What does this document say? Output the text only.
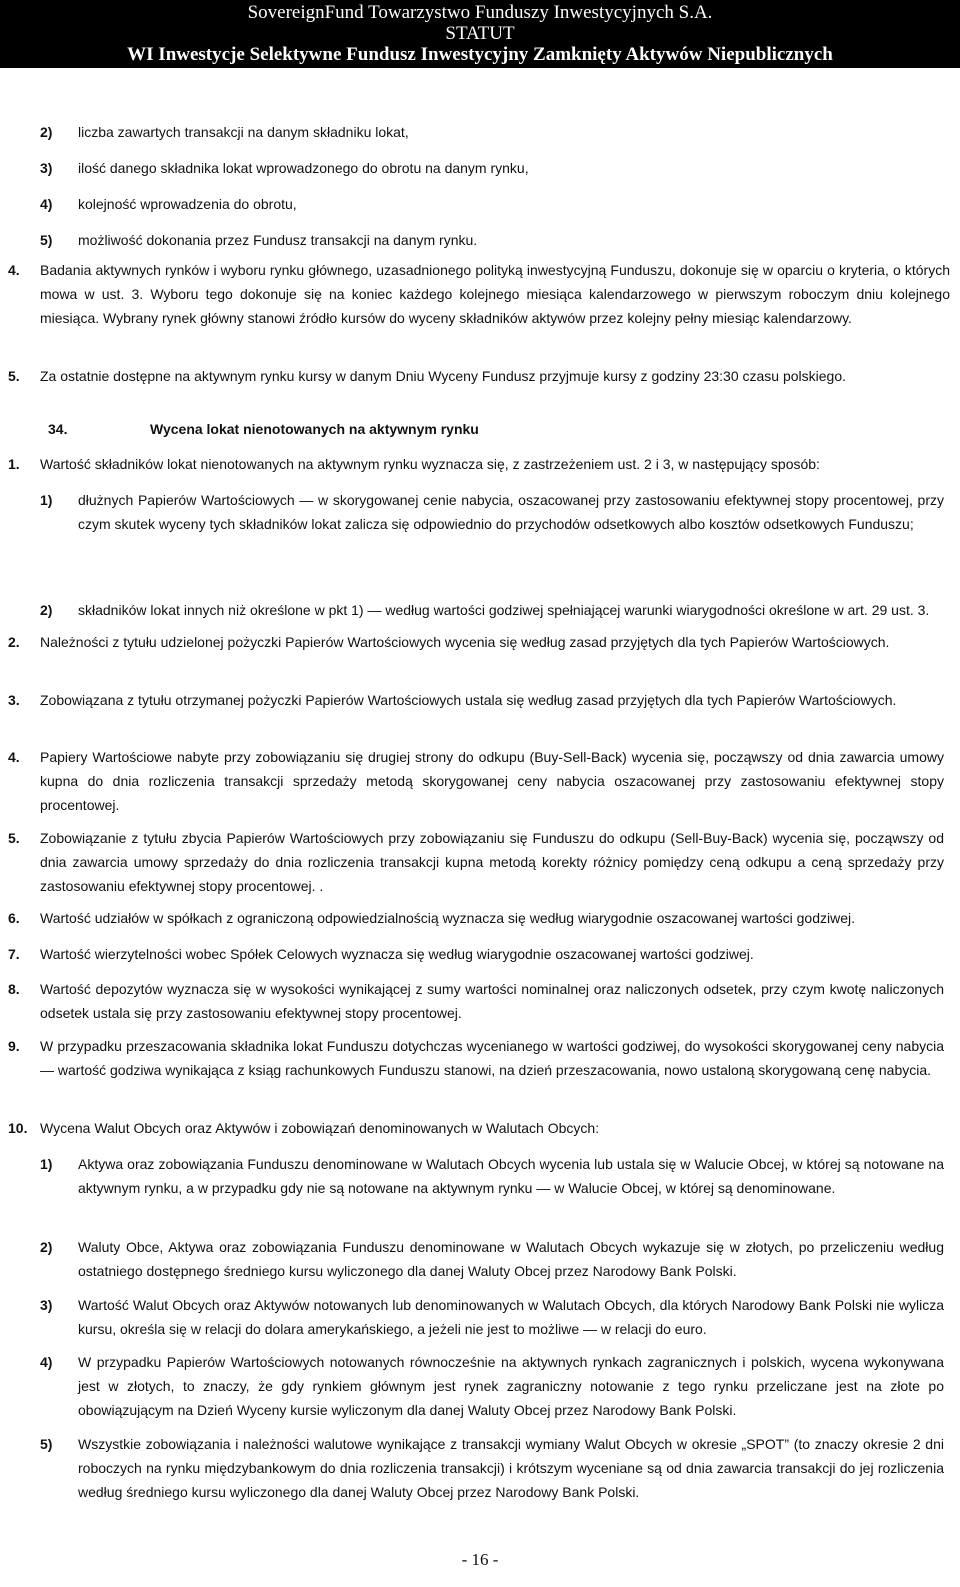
SovereignFund Towarzystwo Funduszy Inwestycyjnych S.A.
STATUT
WI Inwestycje Selektywne Fundusz Inwestycyjny Zamknięty Aktywów Niepublicznych
2) liczba zawartych transakcji na danym składniku lokat,
3) ilość danego składnika lokat wprowadzonego do obrotu na danym rynku,
4) kolejność wprowadzenia do obrotu,
5) możliwość dokonania przez Fundusz transakcji na danym rynku.
4. Badania aktywnych rynków i wyboru rynku głównego, uzasadnionego polityką inwestycyjną Funduszu, dokonuje się w oparciu o kryteria, o których mowa w ust. 3. Wyboru tego dokonuje się na koniec każdego kolejnego miesiąca kalendarzowego w pierwszym roboczym dniu kolejnego miesiąca. Wybrany rynek główny stanowi źródło kursów do wyceny składników aktywów przez kolejny pełny miesiąc kalendarzowy.
5. Za ostatnie dostępne na aktywnym rynku kursy w danym Dniu Wyceny Fundusz przyjmuje kursy z godziny 23:30 czasu polskiego.
34.	Wycena lokat nienotowanych na aktywnym rynku
1. Wartość składników lokat nienotowanych na aktywnym rynku wyznacza się, z zastrzeżeniem ust. 2 i 3, w następujący sposób:
1) dłużnych Papierów Wartościowych — w skorygowanej cenie nabycia, oszacowanej przy zastosowaniu efektywnej stopy procentowej, przy czym skutek wyceny tych składników lokat zalicza się odpowiednio do przychodów odsetkowych albo kosztów odsetkowych Funduszu;
2) składników lokat innych niż określone w pkt 1) — według wartości godziwej spełniającej warunki wiarygodności określone w art. 29 ust. 3.
2. Należności z tytułu udzielonej pożyczki Papierów Wartościowych wycenia się według zasad przyjętych dla tych Papierów Wartościowych.
3. Zobowiązana z tytułu otrzymanej pożyczki Papierów Wartościowych ustala się według zasad przyjętych dla tych Papierów Wartościowych.
4. Papiery Wartościowe nabyte przy zobowiązaniu się drugiej strony do odkupu (Buy-Sell-Back) wycenia się, począwszy od dnia zawarcia umowy kupna do dnia rozliczenia transakcji sprzedaży metodą skorygowanej ceny nabycia oszacowanej przy zastosowaniu efektywnej stopy procentowej.
5. Zobowiązanie z tytułu zbycia Papierów Wartościowych przy zobowiązaniu się Funduszu do odkupu (Sell-Buy-Back) wycenia się, począwszy od dnia zawarcia umowy sprzedaży do dnia rozliczenia transakcji kupna metodą korekty różnicy pomiędzy ceną odkupu a ceną sprzedaży przy zastosowaniu efektywnej stopy procentowej. .
6. Wartość udziałów w spółkach z ograniczoną odpowiedzialnością wyznacza się według wiarygodnie oszacowanej wartości godziwej.
7. Wartość wierzytelności wobec Spółek Celowych wyznacza się według wiarygodnie oszacowanej wartości godziwej.
8. Wartość depozytów wyznacza się w wysokości wynikającej z sumy wartości nominalnej oraz naliczonych odsetek, przy czym kwotę naliczonych odsetek ustala się przy zastosowaniu efektywnej stopy procentowej.
9. W przypadku przeszacowania składnika lokat Funduszu dotychczas wycenianego w wartości godziwej, do wysokości skorygowanej ceny nabycia — wartość godziwa wynikająca z ksiąg rachunkowych Funduszu stanowi, na dzień przeszacowania, nowo ustaloną skorygowaną cenę nabycia.
10. Wycena Walut Obcych oraz Aktywów i zobowiązań denominowanych w Walutach Obcych:
1) Aktywa oraz zobowiązania Funduszu denominowane w Walutach Obcych wycenia lub ustala się w Walucie Obcej, w której są notowane na aktywnym rynku, a w przypadku gdy nie są notowane na aktywnym rynku — w Walucie Obcej, w której są denominowane.
2) Waluty Obce, Aktywa oraz zobowiązania Funduszu denominowane w Walutach Obcych wykazuje się w złotych, po przeliczeniu według ostatniego dostępnego średniego kursu wyliczonego dla danej Waluty Obcej przez Narodowy Bank Polski.
3) Wartość Walut Obcych oraz Aktywów notowanych lub denominowanych w Walutach Obcych, dla których Narodowy Bank Polski nie wylicza kursu, określa się w relacji do dolara amerykańskiego, a jeżeli nie jest to możliwe — w relacji do euro.
4) W przypadku Papierów Wartościowych notowanych równocześnie na aktywnych rynkach zagranicznych i polskich, wycena wykonywana jest w złotych, to znaczy, że gdy rynkiem głównym jest rynek zagraniczny notowanie z tego rynku przeliczane jest na złote po obowiązującym na Dzień Wyceny kursie wyliczonym dla danej Waluty Obcej przez Narodowy Bank Polski.
5) Wszystkie zobowiązania i należności walutowe wynikające z transakcji wymiany Walut Obcych w okresie „SPOT” (to znaczy okresie 2 dni roboczych na rynku międzybankowym do dnia rozliczenia transakcji) i krótszym wyceniane są od dnia zawarcia transakcji do jej rozliczenia według średniego kursu wyliczonego dla danej Waluty Obcej przez Narodowy Bank Polski.
- 16 -
